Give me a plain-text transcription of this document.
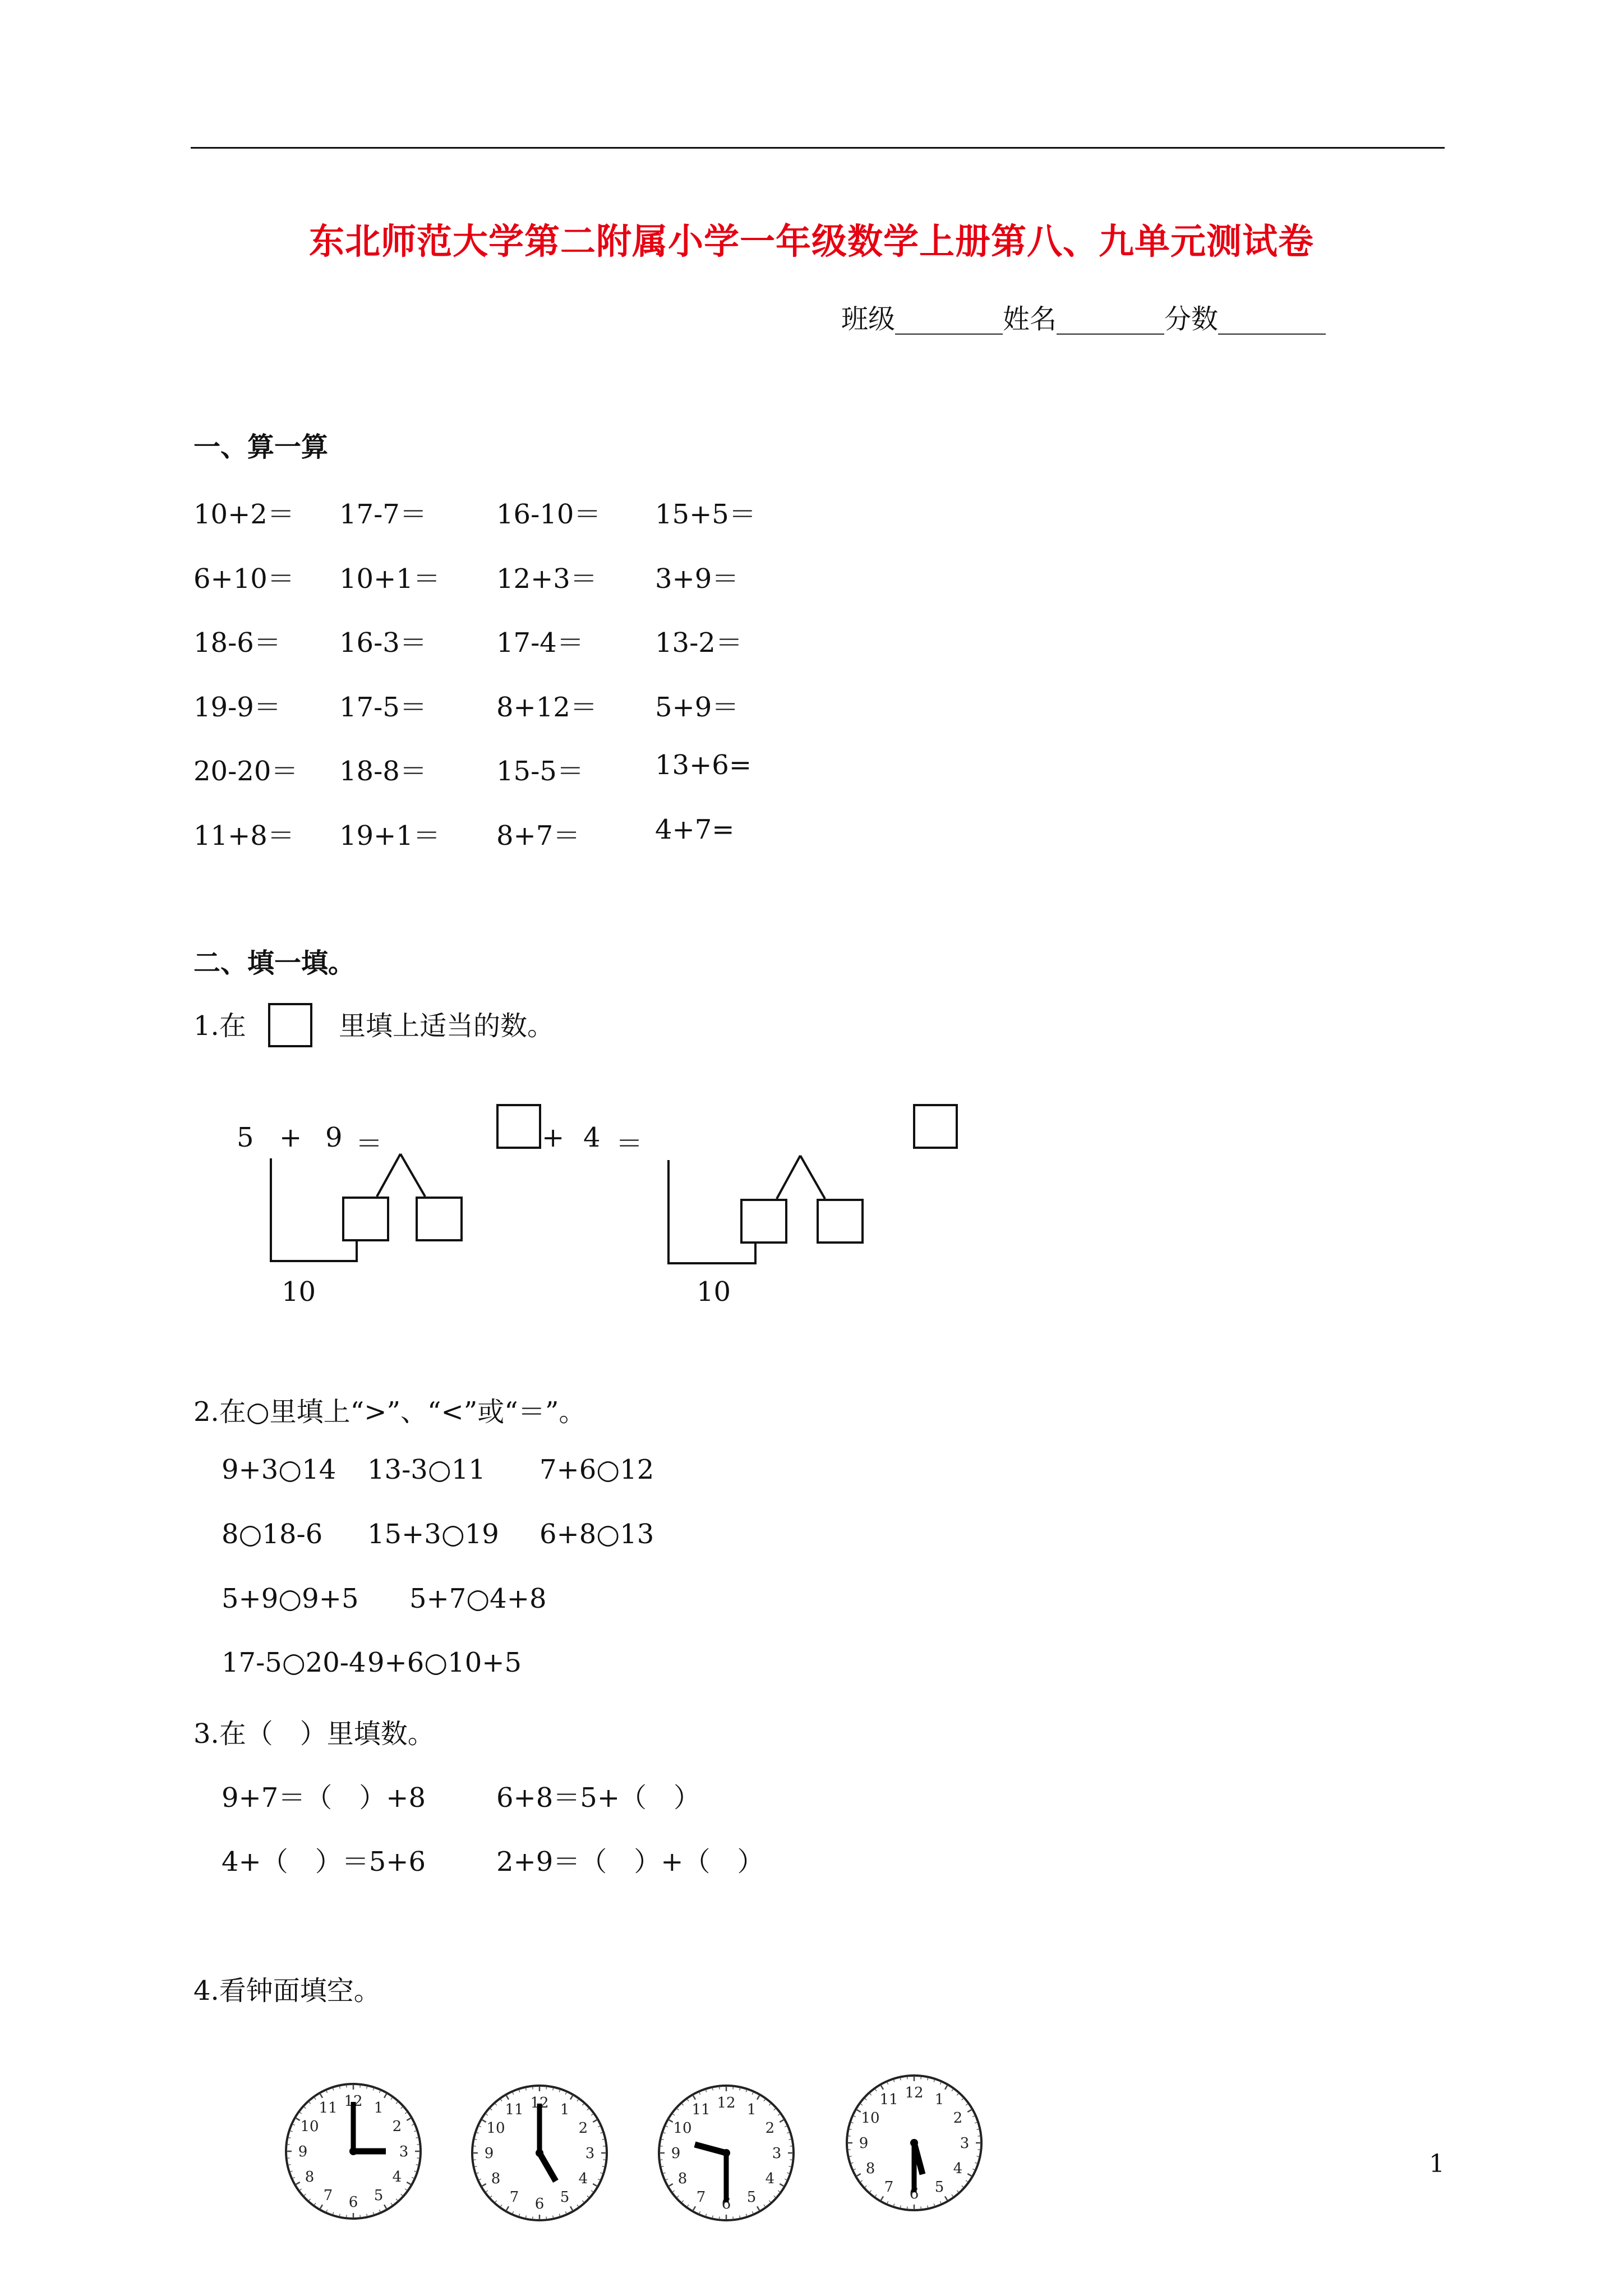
东北师范大学第二附属小学一年级数学上册第八、九单元测试卷
班级________姓名________分数________
一、算一算
10+2＝ 17-7＝	16-10＝ 15+5＝
6+10＝ 10+1＝ 12+3＝ 3+9＝
18-6＝ 16-3＝	17-4＝	13-2＝
19-9＝ 17-5＝	8+12＝ 5+9＝
20-20＝ 18-8＝	15-5＝	13+6=
11+8＝ 19+1＝ 8+7＝	4+7=
二、填一填。
1.在	里填上适当的数。
5 + 9 ＝
10
+ 4 ＝
10
2.在○里填上“>”、“<”或“＝”。
9+3○14 13-3○11 7+6○12
8○18-6 15+3○19 6+8○13
5+9○9+5 5+7○4+8
17-5○20-4 9+6○10+5
3.在（　）里填数。
9+7＝（　）+8	6+8＝5+（　）
4+（　）＝5+6	2+9＝（　）+（　）
4.看钟面填空。
12 1
2
3
4
5
6
7
8
9
10
11	12 1
2
3
4
5
6
7
8
9
10
11	12 1
2
3
4
5
6
7
8
9
10
11
12 1
2
3
4
5
6
7
8
9
10
11
1
